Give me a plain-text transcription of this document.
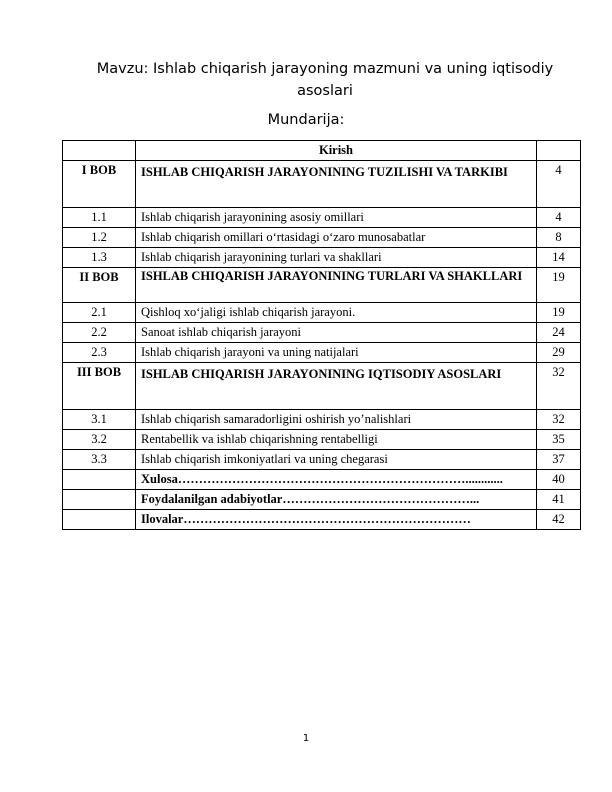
Mavzu: Ishlab chiqarish jarayoning mazmuni va uning iqtisodiy asoslari
Mundarija:
	Kirish	
I BOB	ISHLAB CHIQARISH JARAYONINING TUZILISHI VA TARKIBI	4
1.1	Ishlab chiqarish jarayonining asosiy omillari	4
1.2	Ishlab chiqarish omillari oʻrtasidagi oʻzaro munosabatlar	8
1.3	Ishlab chiqarish jarayonining turlari va shakllari	14
II BOB	ISHLAB CHIQARISH JARAYONINING TURLARI VA SHAKLLARI	19
2.1	Qishloq xoʻjaligi ishlab chiqarish jarayoni.	19
2.2	Sanoat ishlab chiqarish jarayoni	24
2.3	Ishlab chiqarish jarayoni va uning natijalari	29
III BOB	ISHLAB CHIQARISH JARAYONINING IQTISODIY ASOSLARI	32
3.1	Ishlab chiqarish samaradorligini oshirish yoʼnalishlari	32
3.2	Rentabellik va ishlab chiqarishning rentabelligi	35
3.3	Ishlab chiqarish imkoniyatlari va uning chegarasi	37
	Xulosa……………………………………………………………............	40
	Foydalanilgan adabiyotlar………………………………………...	41
	Ilovalar……………………………………………………………	42
1
